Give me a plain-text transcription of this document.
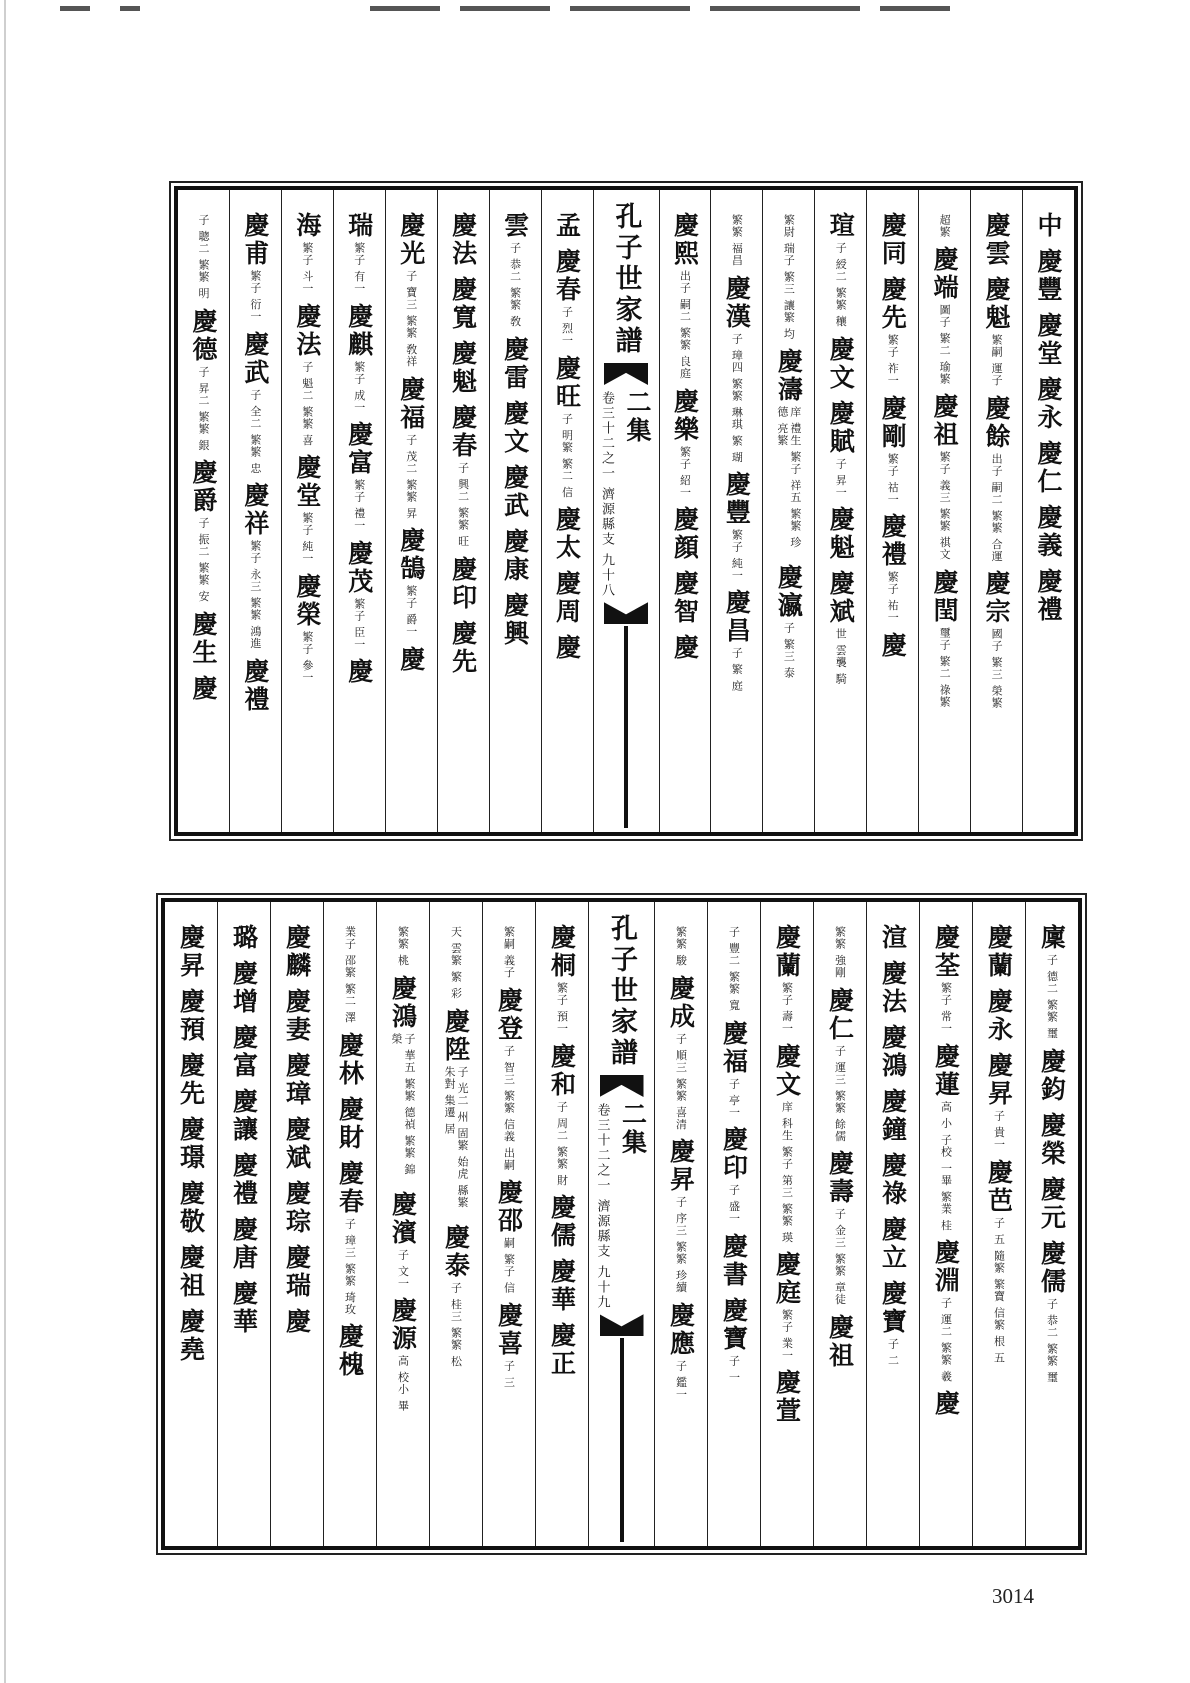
中
慶豐
慶堂
慶永
慶仁
慶義
慶禮
慶雲
慶魁
繁嗣 運子
慶餘
出子 嗣二 繁繁 合運
慶宗
國子 繁三 榮繁
超繁
慶端
圖子 繁二 瑜繁
慶祖
繁子 義三 繁繁 祺文
慶閏
璽子 繁二 祿繁
慶同
慶先
繁子 祚一
慶剛
繁子 祜一
慶禮
繁子 祐一
慶
瑄
子 綬二 繁繁 穰
慶文
慶賦
子 昇一
慶魁
慶斌
世 雲襲 騎
繁尉 瑞子 繁三 讓繁 均
慶濤
庠 禮生 繁子 祥五 繁繁 珍德 亮繁
慶瀛
子 繁三 泰
繁繁 福昌
慶漢
子 璋四 繁繁 琳琪 繁 瑚
慶豐
繁子 純一
慶昌
子 繁 庭
慶熙
出子 嗣二 繁繁 良庭
慶樂
繁子 紹一
慶顔
慶智
慶
孔子世家譜
二集
卷三十二之一 濟源縣支 九十八
孟
慶春
子 烈一
慶旺
子 明繁 繁二 信
慶太
慶周
慶
雲
子 恭二 繁繁 敎
慶雷
慶文
慶武
慶康
慶興
慶法
慶寬
慶魁
慶春
子 興二 繁繁 旺
慶印
慶先
慶光
子 寶三 繁繁 敎祥
慶福
子 茂二 繁繁 昇
慶鵠
繁子 爵一
慶
瑞
繁子 有一
慶麒
繁子 成一
慶富
繁子 禮一
慶茂
繁子 臣一
慶
海
繁子 斗一
慶法
子 魁二 繁繁 喜
慶堂
繁子 純一
慶榮
繁子 參一
慶甫
繁子 衍一
慶武
子 全二 繁繁 忠
慶祥
繁子 永三 繁繁 鴻進
慶禮
子 聰二 繁繁 明
慶德
子 昇二 繁繁 銀
慶爵
子 振二 繁繁 安
慶生
慶
廩
子 德二 繁繁 璽
慶鈞
慶榮
慶元
慶儒
子 恭二 繁繁 璽
慶蘭
慶永
慶昇
子 貴一
慶芭
子 五 隨繁 繁寶 信繁 根 五
慶荃
繁子 常一
慶蓮
高 小 子校 一畢 繁業 桂
慶淵
子 運二 繁繁 羲
慶
渲
慶法
慶鴻
慶鐘
慶祿
慶立
慶寶
子 二
繁繁 強剛
慶仁
子 運三 繁繁 餘儒
慶壽
子 金三 繁繁 章徒
慶祖
慶蘭
繁子 壽一
慶文
庠 科生 繁子 第三 繁繁 瑛
慶庭
繁子 業一
慶萱
子 豐二 繁繁 寬
慶福
子 亭一
慶印
子 盛一
慶書
慶寶
子 一
繁繁 駿
慶成
子 順三 繁繁 喜清
慶昇
子 序三 繁繁 珍續
慶應
子 鑑一
孔子世家譜
二集
卷三十二之一 濟源縣支 九十九
慶桐
繁子 預一
慶和
子 周二 繁繁 財
慶儒
慶華
慶正
繁嗣 義子
慶登
子 智三 繁繁 信義 出嗣
慶邵
嗣 繁子 信
慶喜
子 三
天 雲繁 繁 彩
慶陞
子 光二 州 固繁 始虎 縣繁 朱對 集遷 居
慶泰
子 桂三 繁繁 松
繁繁 桃
慶鴻
子 華五 繁繁 德禎 繁繁 錦榮
慶濱
子 文一
慶源
高 校小 畢
業子 邵繁 繁二 澤
慶林
慶財
慶春
子 璋三 繁繁 琦玫
慶槐
慶麟
慶妻
慶璋
慶斌
慶琮
慶瑞
慶
璐
慶增
慶富
慶讓
慶禮
慶唐
慶華
慶昇
慶預
慶先
慶璟
慶敬
慶祖
慶堯
3014
